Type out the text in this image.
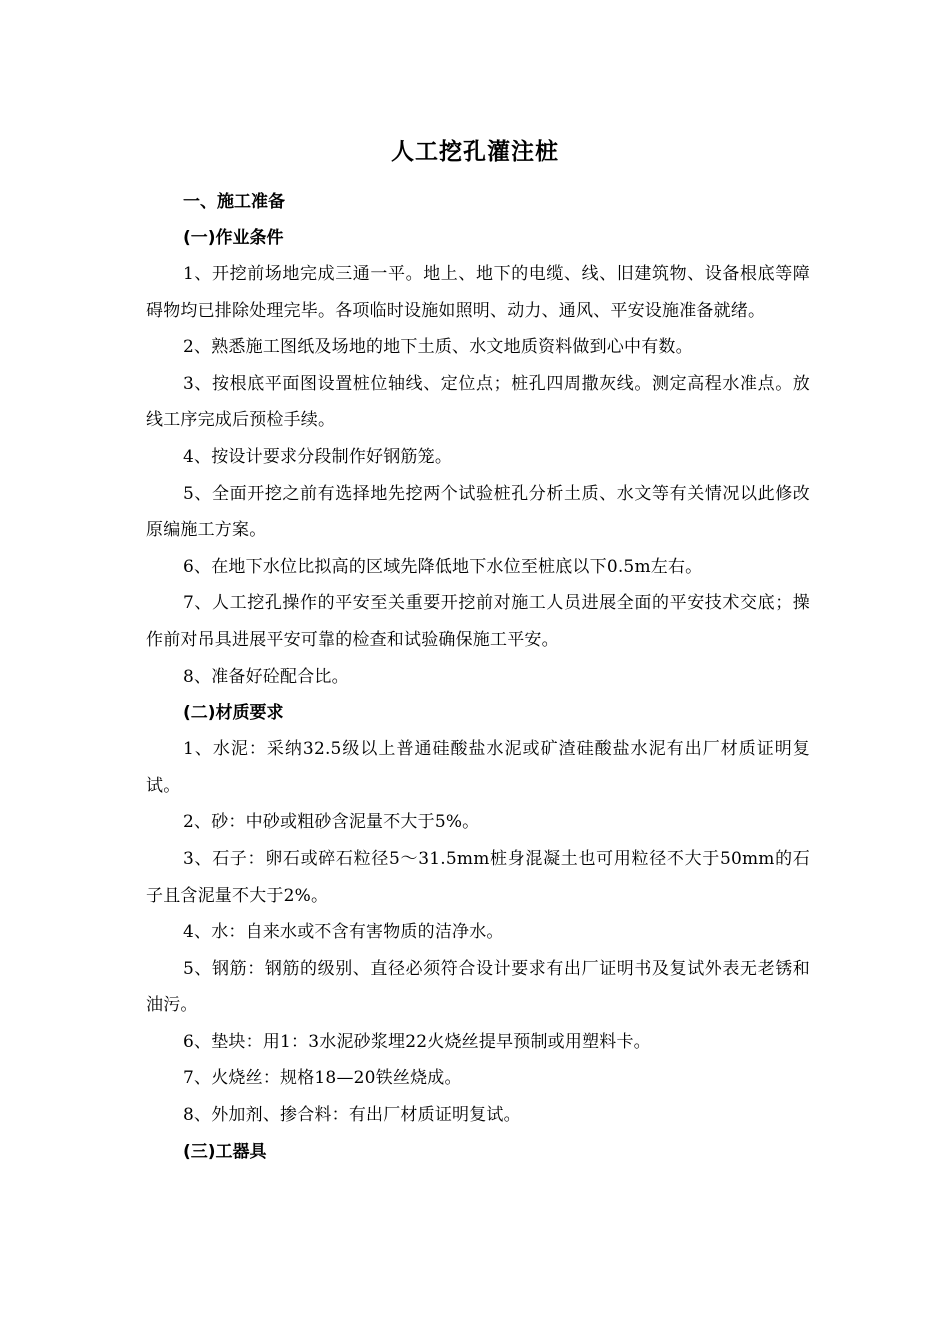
人工挖孔灌注桩
一、施工准备
(一)作业条件

1、开挖前场地完成三通一平。地上、地下的电缆、线、旧建筑物、设备根底等障碍物均已排除处理完毕。各项临时设施如照明、动力、通风、平安设施准备就绪。

2、熟悉施工图纸及场地的地下土质、水文地质资料做到心中有数。

3、按根底平面图设置桩位轴线、定位点；桩孔四周撒灰线。测定高程水准点。放线工序完成后预检手续。

4、按设计要求分段制作好钢筋笼。

5、全面开挖之前有选择地先挖两个试验桩孔分析土质、水文等有关情况以此修改原编施工方案。

6、在地下水位比拟高的区域先降低地下水位至桩底以下0.5m左右。

7、人工挖孔操作的平安至关重要开挖前对施工人员进展全面的平安技术交底；操作前对吊具进展平安可靠的检查和试验确保施工平安。

8、准备好砼配合比。

(二)材质要求

1、水泥：采纳32.5级以上普通硅酸盐水泥或矿渣硅酸盐水泥有出厂材质证明复试。

2、砂：中砂或粗砂含泥量不大于5%。

3、石子：卵石或碎石粒径5～31.5mm桩身混凝土也可用粒径不大于50mm的石子且含泥量不大于2%。

4、水：自来水或不含有害物质的洁净水。

5、钢筋：钢筋的级别、直径必须符合设计要求有出厂证明书及复试外表无老锈和油污。

6、垫块：用1：3水泥砂浆埋22火烧丝提早预制或用塑料卡。

7、火烧丝：规格18—20铁丝烧成。

8、外加剂、掺合料：有出厂材质证明复试。

(三)工器具
